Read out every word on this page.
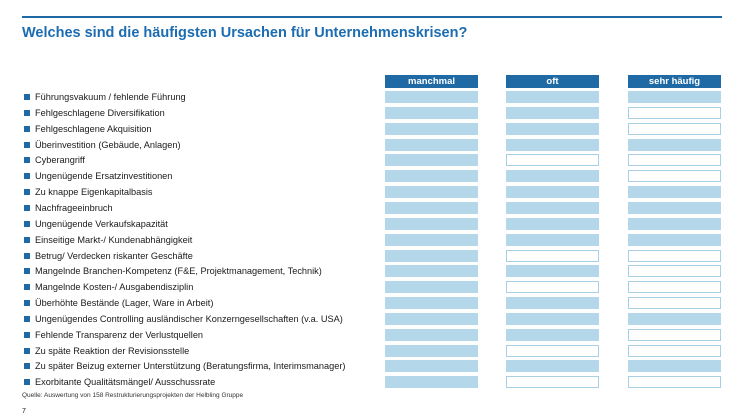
Welches sind die häufigsten Ursachen für Unternehmenskrisen?
manchmal	oft	sehr häufig
Führungsvakuum / fehlende Führung
Fehlgeschlagene Diversifikation
Fehlgeschlagene Akquisition
Überinvestition (Gebäude, Anlagen)
Cyberangriff
Ungenügende Ersatzinvestitionen
Zu knappe Eigenkapitalbasis
Nachfrageeinbruch
Ungenügende Verkaufskapazität
Einseitige Markt-/ Kundenabhängigkeit
Betrug/ Verdecken riskanter Geschäfte
Mangelnde Branchen-Kompetenz (F&E, Projektmanagement, Technik)
Mangelnde Kosten-/ Ausgabendisziplin
Überhöhte Bestände (Lager, Ware in Arbeit)
Ungenügendes Controlling ausländischer Konzerngesellschaften (v.a. USA)
Fehlende Transparenz der Verlustquellen
Zu späte Reaktion der Revisionsstelle
Zu später Beizug externer Unterstützung (Beratungsfirma, Interimsmanager)
Exorbitante Qualitätsmängel/ Ausschussrate
Quelle: Auswertung von 158 Restrukturierungsprojekten der Helbling Gruppe
7
